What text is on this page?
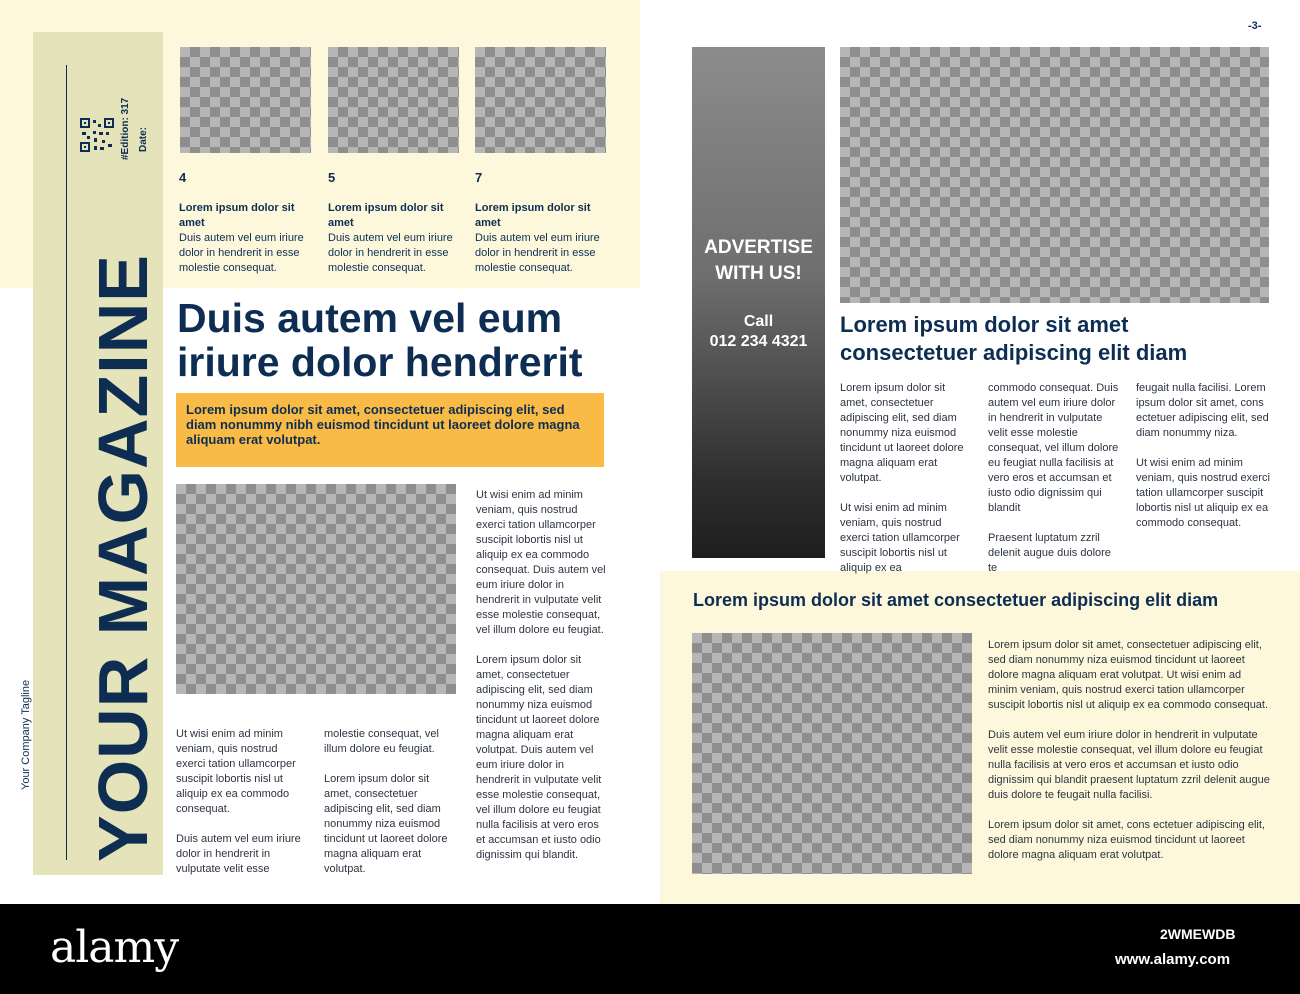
Your Company Tagline YOUR MAGAZINE
#Edition: 317 Date:
4
Lorem ipsum dolor sit amet
Duis autem vel eum iriure dolor in hendrerit in esse molestie consequat.
5
Lorem ipsum dolor sit amet
Duis autem vel eum iriure dolor in hendrerit in esse molestie consequat.
7
Lorem ipsum dolor sit amet
Duis autem vel eum iriure dolor in hendrerit in esse molestie consequat.
Duis autem vel eum iriure dolor hendrerit
Lorem ipsum dolor sit amet, consectetuer adipiscing elit, sed diam nonummy nibh euismod tincidunt ut laoreet dolore magna aliquam erat volutpat.

Ut wisi enim ad minim veniam, quis nostrud exerci tation ullamcorper suscipit lobortis nisl ut aliquip ex ea commodo consequat. Duis autem vel eum iriure dolor in hendrerit in vulputate velit esse molestie consequat, vel illum dolore eu feugiat.

Lorem ipsum dolor sit amet, consectetuer adipiscing elit, sed diam nonummy niza euismod tincidunt ut laoreet dolore magna aliquam erat volutpat. Duis autem vel eum iriure dolor in hendrerit in vulputate velit esse molestie consequat, vel illum dolore eu feugiat nulla facilisis at vero eros et accumsan et iusto odio dignissim qui blandit.

Ut wisi enim ad minim veniam, quis nostrud exerci tation ullamcorper suscipit lobortis nisl ut aliquip ex ea commodo consequat.

Duis autem vel eum iriure dolor in hendrerit in vulputate velit esse

molestie consequat, vel illum dolore eu feugiat.

Lorem ipsum dolor sit amet, consectetuer adipiscing elit, sed diam nonummy niza euismod tincidunt ut laoreet dolore magna aliquam erat volutpat.

-3-
ADVERTISE WITH US!
Call
012 234 4321
Lorem ipsum dolor sit amet consectetuer adipiscing elit diam

Lorem ipsum dolor sit amet, consectetuer adipiscing elit, sed diam nonummy niza euismod tincidunt ut laoreet dolore magna aliquam erat volutpat.

Ut wisi enim ad minim veniam, quis nostrud exerci tation ullamcorper suscipit lobortis nisl ut aliquip ex ea

commodo consequat. Duis autem vel eum iriure dolor in hendrerit in vulputate velit esse molestie consequat, vel illum dolore eu feugiat nulla facilisis at vero eros et accumsan et iusto odio dignissim qui blandit

Praesent luptatum zzril delenit augue duis dolore te

feugait nulla facilisi. Lorem ipsum dolor sit amet, cons ectetuer adipiscing elit, sed diam nonummy niza.

Ut wisi enim ad minim veniam, quis nostrud exerci tation ullamcorper suscipit lobortis nisl ut aliquip ex ea commodo consequat.

Lorem ipsum dolor sit amet consectetuer adipiscing elit diam

Lorem ipsum dolor sit amet, consectetuer adipiscing elit, sed diam nonummy niza euismod tincidunt ut laoreet dolore magna aliquam erat volutpat. Ut wisi enim ad minim veniam, quis nostrud exerci tation ullamcorper suscipit lobortis nisl ut aliquip ex ea commodo consequat.

Duis autem vel eum iriure dolor in hendrerit in vulputate velit esse molestie consequat, vel illum dolore eu feugiat nulla facilisis at vero eros et accumsan et iusto odio dignissim qui blandit praesent luptatum zzril delenit augue duis dolore te feugait nulla facilisi.

Lorem ipsum dolor sit amet, cons ectetuer adipiscing elit, sed diam nonummy niza euismod tincidunt ut laoreet dolore magna aliquam erat volutpat.

alamy	2WMEWDB
www.alamy.com
